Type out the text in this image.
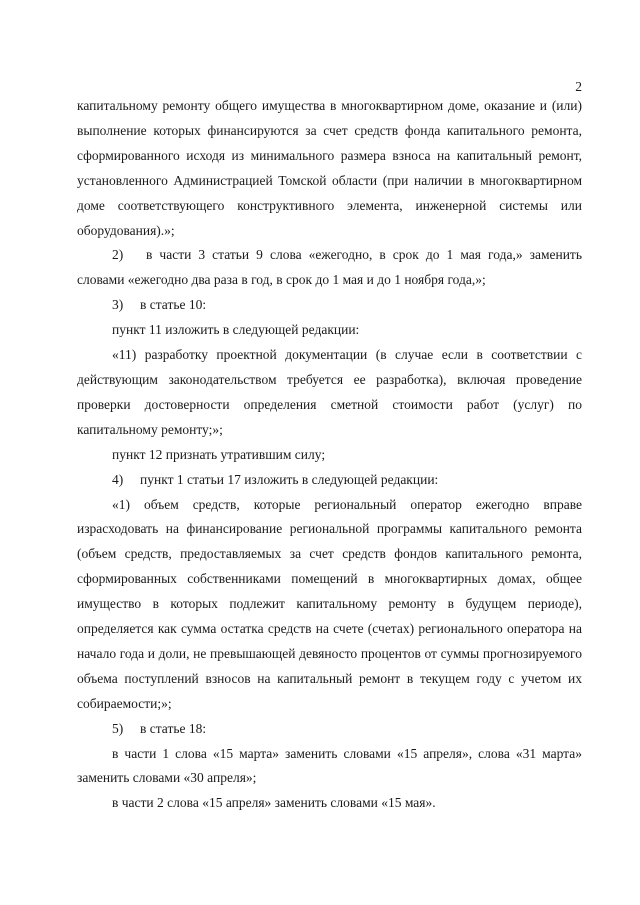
2

капитальному ремонту общего имущества в многоквартирном доме, оказание и (или) выполнение которых финансируются за счет средств фонда капитального ремонта, сформированного исходя из минимального размера взноса на капитальный ремонт, установленного Администрацией Томской области (при наличии в многоквартирном доме соответствующего конструктивного элемента, инженерной системы или оборудования).»;

2) в части 3 статьи 9 слова «ежегодно, в срок до 1 мая года,» заменить словами «ежегодно два раза в год, в срок до 1 мая и до 1 ноября года,»;

3) в статье 10:

пункт 11 изложить в следующей редакции:

«11) разработку проектной документации (в случае если в соответствии с действующим законодательством требуется ее разработка), включая проведение проверки достоверности определения сметной стоимости работ (услуг) по капитальному ремонту;»;

пункт 12 признать утратившим силу;

4) пункт 1 статьи 17 изложить в следующей редакции:

«1) объем средств, которые региональный оператор ежегодно вправе израсходовать на финансирование региональной программы капитального ремонта (объем средств, предоставляемых за счет средств фондов капитального ремонта, сформированных собственниками помещений в многоквартирных домах, общее имущество в которых подлежит капитальному ремонту в будущем периоде), определяется как сумма остатка средств на счете (счетах) регионального оператора на начало года и доли, не превышающей девяносто процентов от суммы прогнозируемого объема поступлений взносов на капитальный ремонт в текущем году с учетом их собираемости;»;

5) в статье 18:

в части 1 слова «15 марта» заменить словами «15 апреля», слова «31 марта» заменить словами «30 апреля»;

в части 2 слова «15 апреля» заменить словами «15 мая».
